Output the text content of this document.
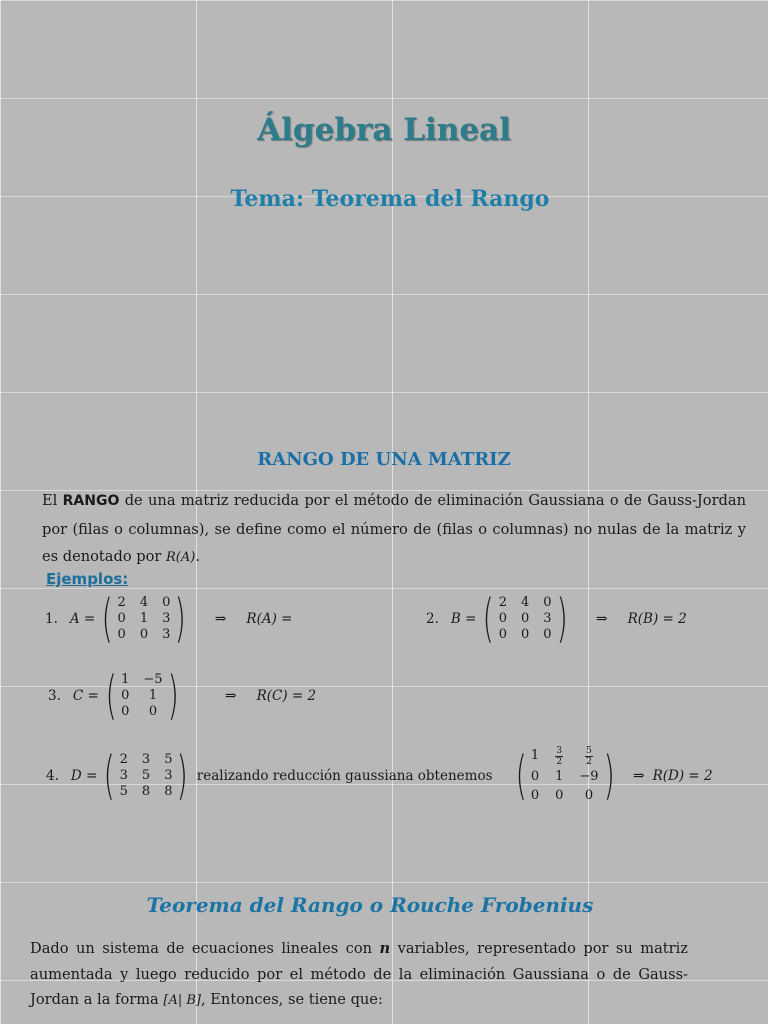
Álgebra Lineal
Tema: Teorema del Rango
RANGO DE UNA MATRIZ
El RANGO de una matriz reducida por el método de eliminación Gaussiana o de Gauss-Jordan por (filas o columnas), se define como el número de (filas o columnas) no nulas de la matriz y es denotado por R(A).
Ejemplos:
1. A = ( 2 4 0
0 1 3
0 0 3 ) ⇒ R(A) =	2. B = ( 2 4 0
0 0 3
0 0 0 ) ⇒ R(B) = 2
3. C = ( 1 −5
0	1
0	0 )	⇒ R(C) = 2
4. D = ( 2 3 5
3 5 3
5 8 8 ) realizando reducción gaussiana obtenemos ( $1 \frac{3}{2} \frac{5}{2}$
0 1 −9
0 0	0 ) ⇒ R(D) = 2
Teorema del Rango o Rouche Frobenius
Dado un sistema de ecuaciones lineales con n variables, representado por su matriz aumentada y luego reducido por el método de la eliminación Gaussiana o de Gauss-Jordan a la forma [A| B], Entonces, se tiene que:
